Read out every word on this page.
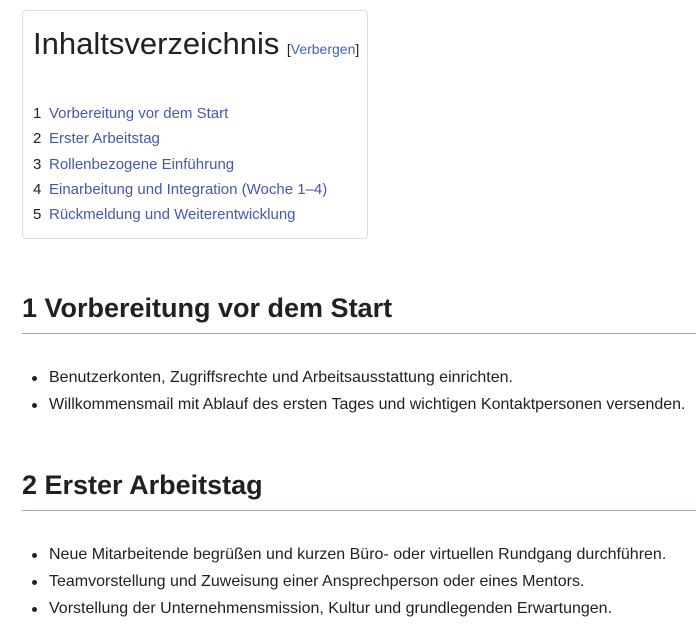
Inhaltsverzeichnis [Verbergen]
1 Vorbereitung vor dem Start
2 Erster Arbeitstag
3 Rollenbezogene Einführung
4 Einarbeitung und Integration (Woche 1–4)
5 Rückmeldung und Weiterentwicklung
1 Vorbereitung vor dem Start
Benutzerkonten, Zugriffsrechte und Arbeitsausstattung einrichten.
Willkommensmail mit Ablauf des ersten Tages und wichtigen Kontaktpersonen versenden.
2 Erster Arbeitstag
Neue Mitarbeitende begrüßen und kurzen Büro- oder virtuellen Rundgang durchführen.
Teamvorstellung und Zuweisung einer Ansprechperson oder eines Mentors.
Vorstellung der Unternehmensmission, Kultur und grundlegenden Erwartungen.
